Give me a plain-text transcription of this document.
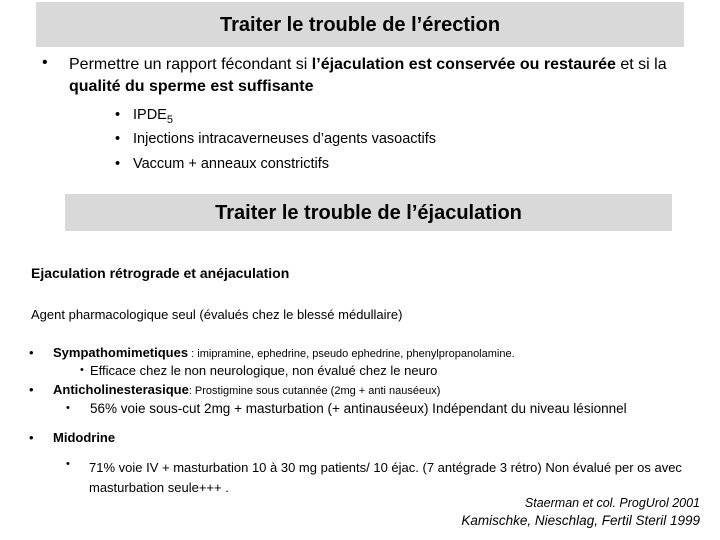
Traiter le trouble de l’érection
• Permettre un rapport fécondant si l’éjaculation est conservée ou restaurée et si la qualité du sperme est suffisante
• $IPDE_5$
• Injections intracaverneuses d’agents vasoactifs
• Vaccum + anneaux constrictifs
Traiter le trouble de l’éjaculation
Ejaculation rétrograde et anéjaculation
Agent pharmacologique seul (évalués chez le blessé médullaire)
• Sympathomimetiques : imipramine, ephedrine, pseudo ephedrine, phenylpropanolamine.
• Efficace chez le non neurologique, non évalué chez le neuro
• Anticholinesterasique: Prostigmine sous cutannée (2mg + anti nauséeux)
• 56% voie sous-cut 2mg + masturbation (+ antinauséeux) Indépendant du niveau lésionnel
• Midodrine
• 71% voie IV + masturbation 10 à 30 mg patients/ 10 éjac. (7 antégrade 3 rétro) Non évalué per os avec masturbation seule+++ .
Staerman et col. ProgUrol 2001
Kamischke, Nieschlag, Fertil Steril 1999
